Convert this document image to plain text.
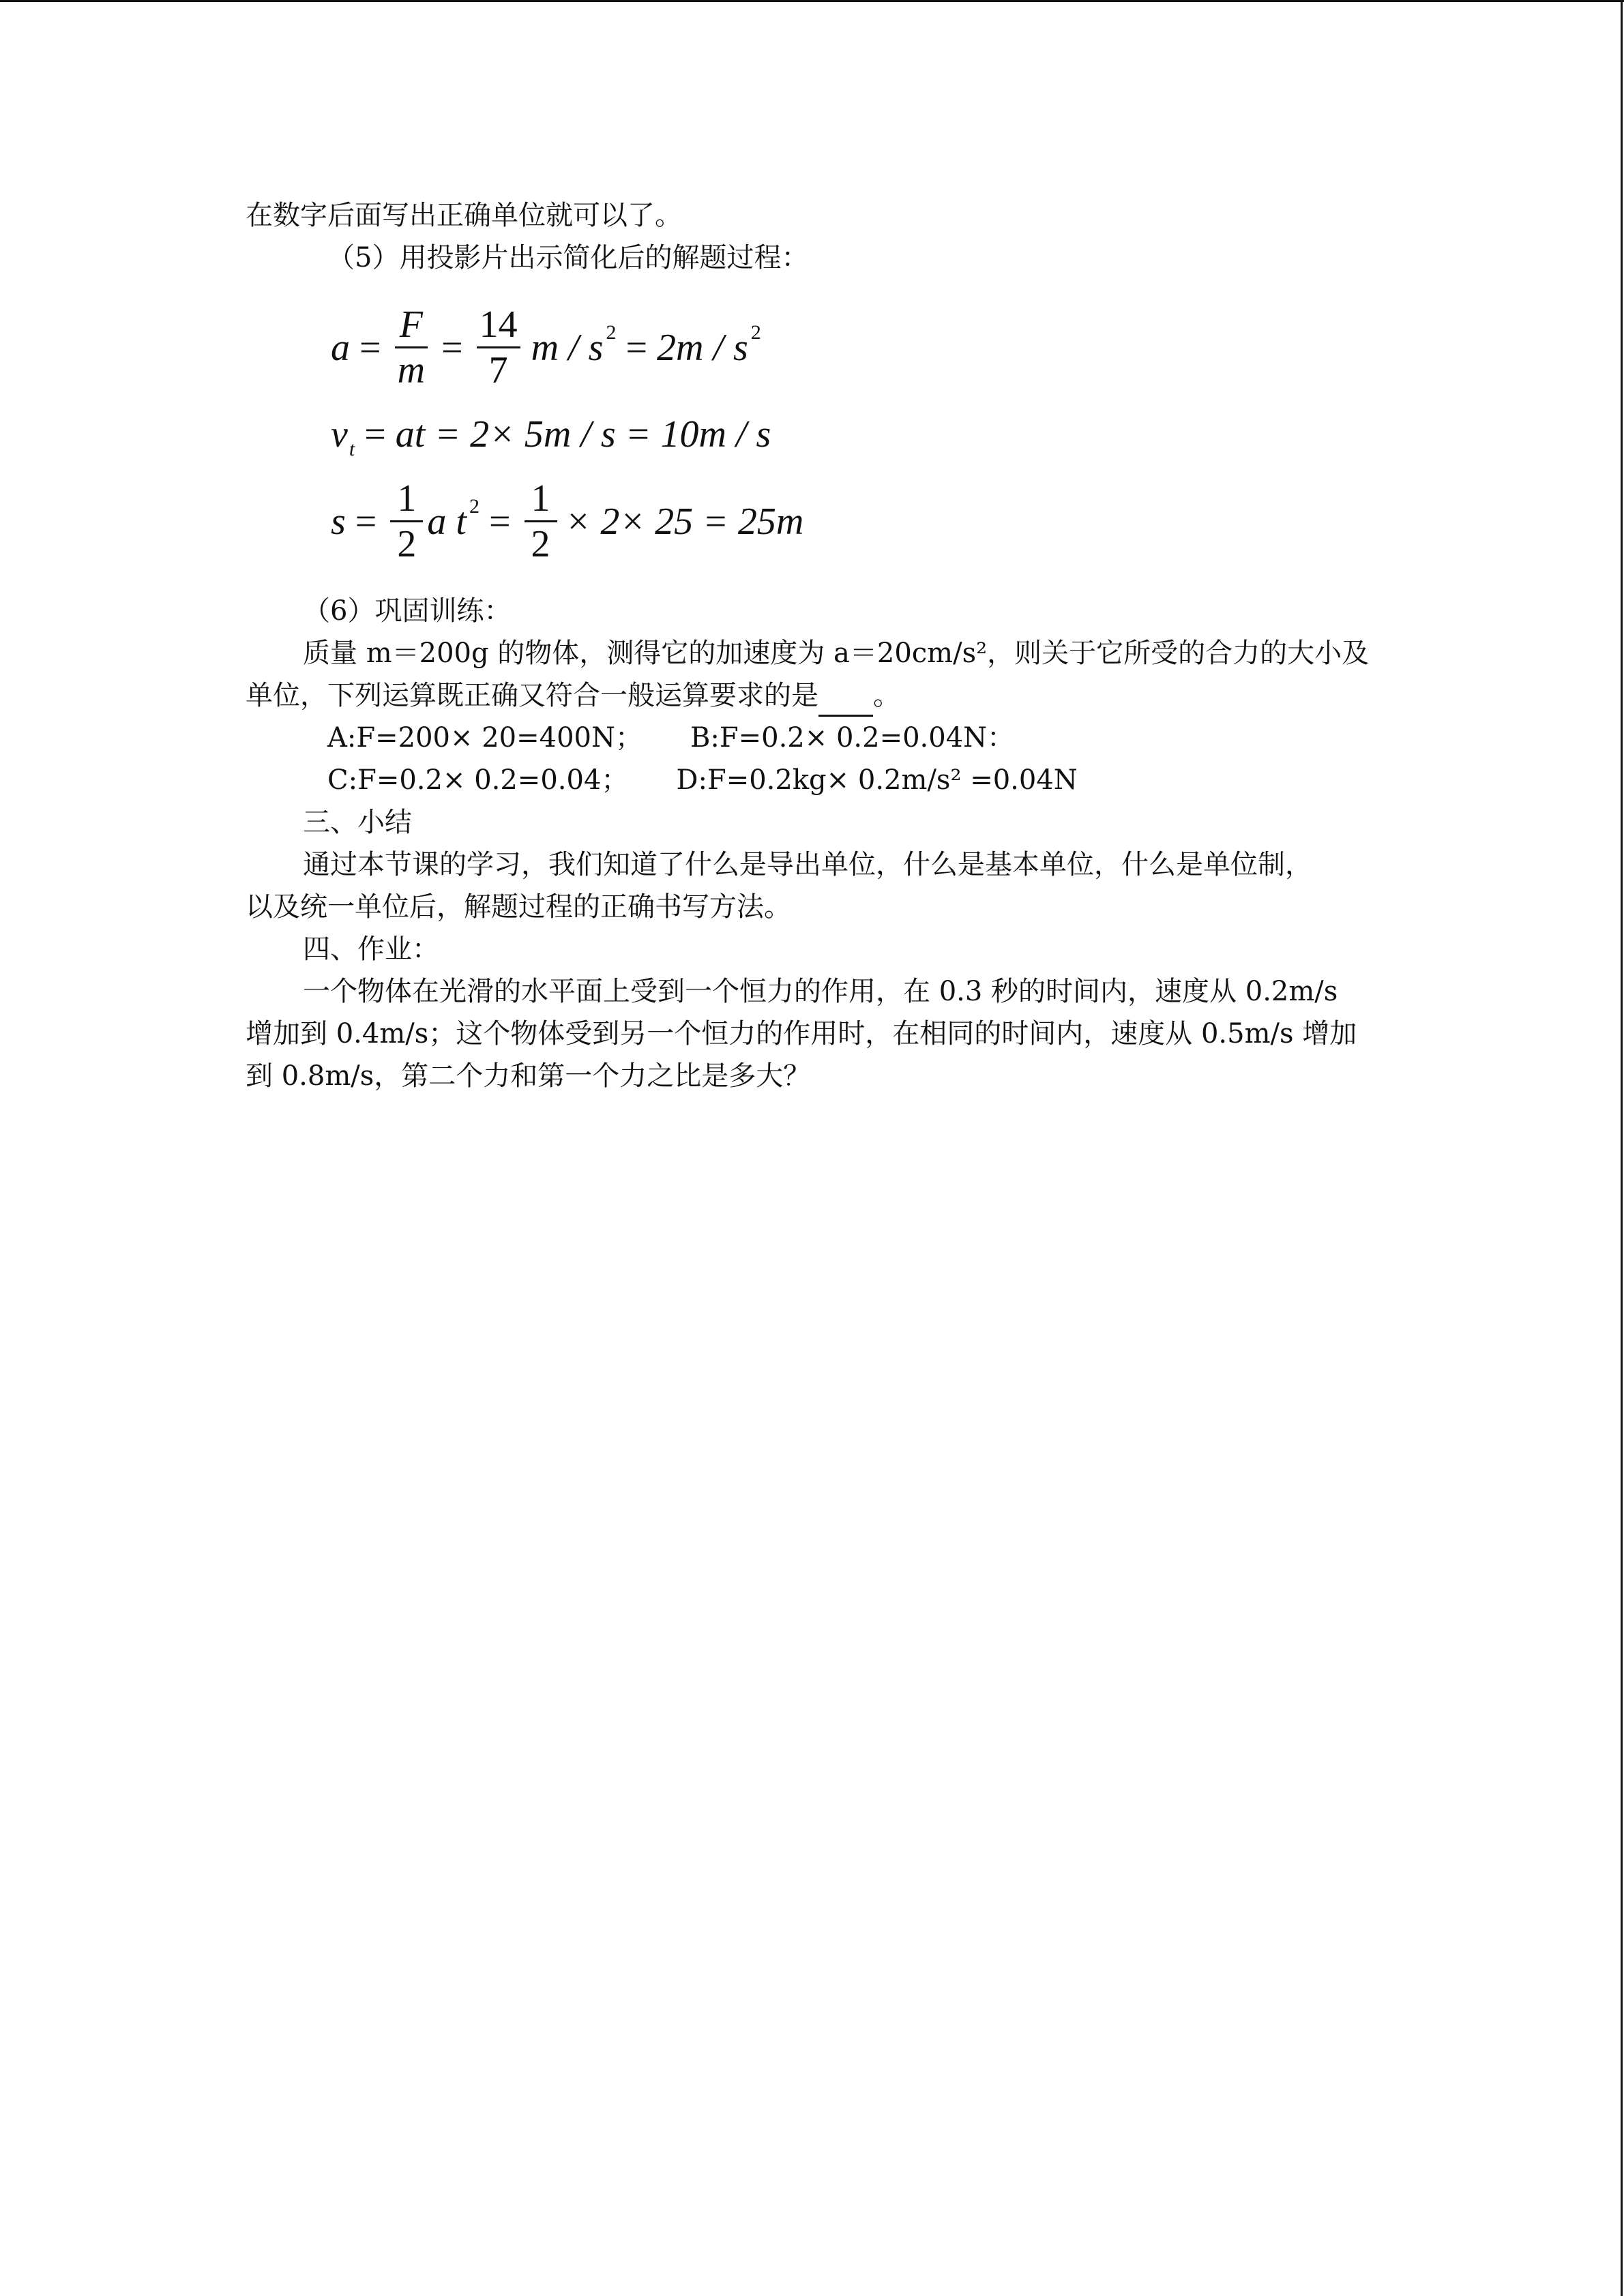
在数字后面写出正确单位就可以了。

（5）用投影片出示简化后的解题过程：

$a = \frac{F}{m} = \frac{14}{7}$ m / s 2 = 2m / s 2
v t = at = 2× 5m / s = 10m / s
$s = \frac{1}{2}$ a t $2 = \frac{1}{2} \times 2\times 25 = 25m$

（6）巩固训练：

质量 m＝200g 的物体，测得它的加速度为 a＝20cm/s²，则关于它所受的合力的大小及

单位，下列运算既正确又符合一般运算要求的是 。

A:F=200× 20=400N； B:F=0.2× 0.2=0.04N：

C:F=0.2× 0.2=0.04； D:F=0.2kg× 0.2m/s² =0.04N

三、小结

通过本节课的学习，我们知道了什么是导出单位，什么是基本单位，什么是单位制，

以及统一单位后，解题过程的正确书写方法。

四、作业：

一个物体在光滑的水平面上受到一个恒力的作用，在 0.3 秒的时间内，速度从 0.2m/s

增加到 0.4m/s；这个物体受到另一个恒力的作用时，在相同的时间内，速度从 0.5m/s 增加

到 0.8m/s，第二个力和第一个力之比是多大？
